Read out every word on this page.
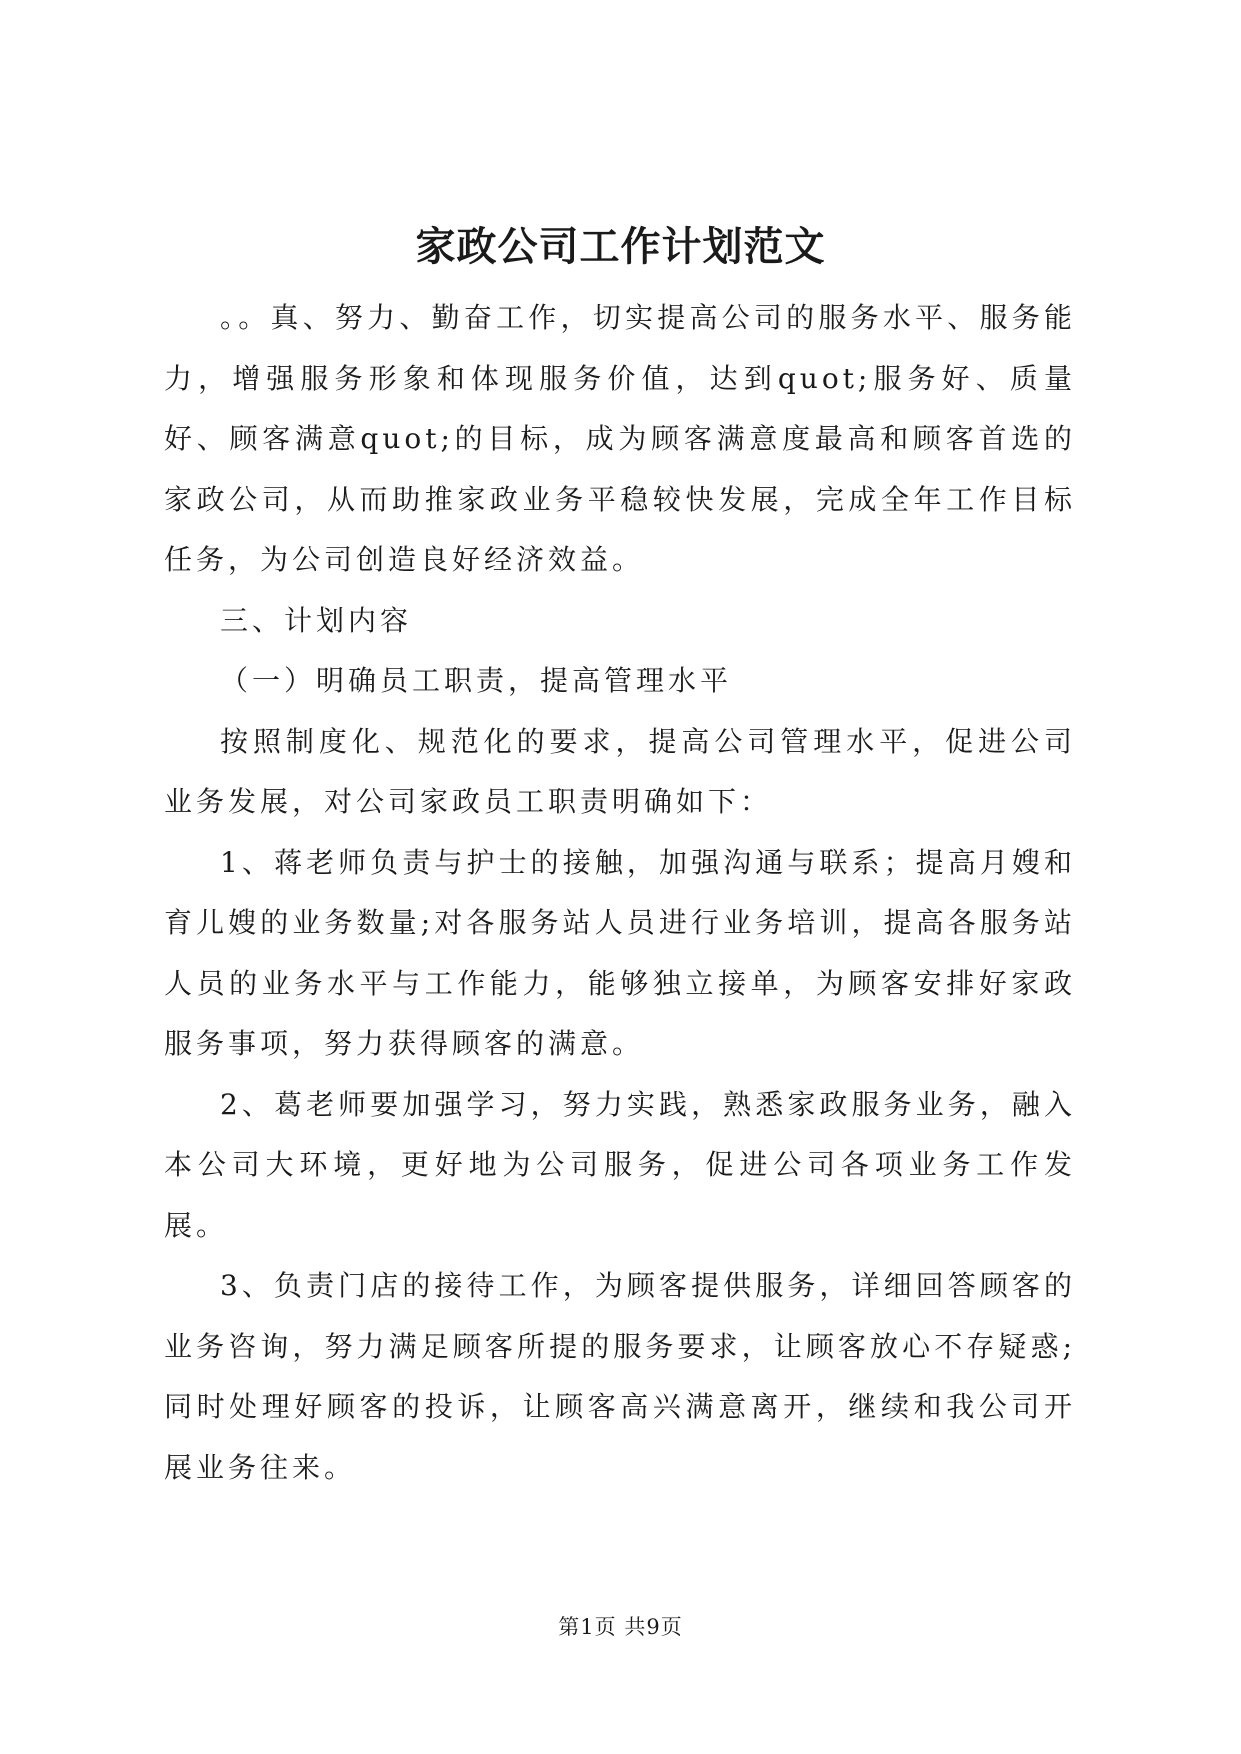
家政公司工作计划范文

。。真、努力、勤奋工作，切实提高公司的服务水平、服务能力，增强服务形象和体现服务价值，达到quot;服务好、质量好、顾客满意quot;的目标，成为顾客满意度最高和顾客首选的家政公司，从而助推家政业务平稳较快发展，完成全年工作目标任务，为公司创造良好经济效益。

三、计划内容

（一）明确员工职责，提高管理水平

按照制度化、规范化的要求，提高公司管理水平，促进公司业务发展，对公司家政员工职责明确如下：

1、蒋老师负责与护士的接触，加强沟通与联系；提高月嫂和育儿嫂的业务数量;对各服务站人员进行业务培训，提高各服务站人员的业务水平与工作能力，能够独立接单，为顾客安排好家政服务事项，努力获得顾客的满意。

2、葛老师要加强学习，努力实践，熟悉家政服务业务，融入本公司大环境，更好地为公司服务，促进公司各项业务工作发展。

3、负责门店的接待工作，为顾客提供服务，详细回答顾客的业务咨询，努力满足顾客所提的服务要求，让顾客放心不存疑惑;同时处理好顾客的投诉，让顾客高兴满意离开，继续和我公司开展业务往来。

第1页 共9页
